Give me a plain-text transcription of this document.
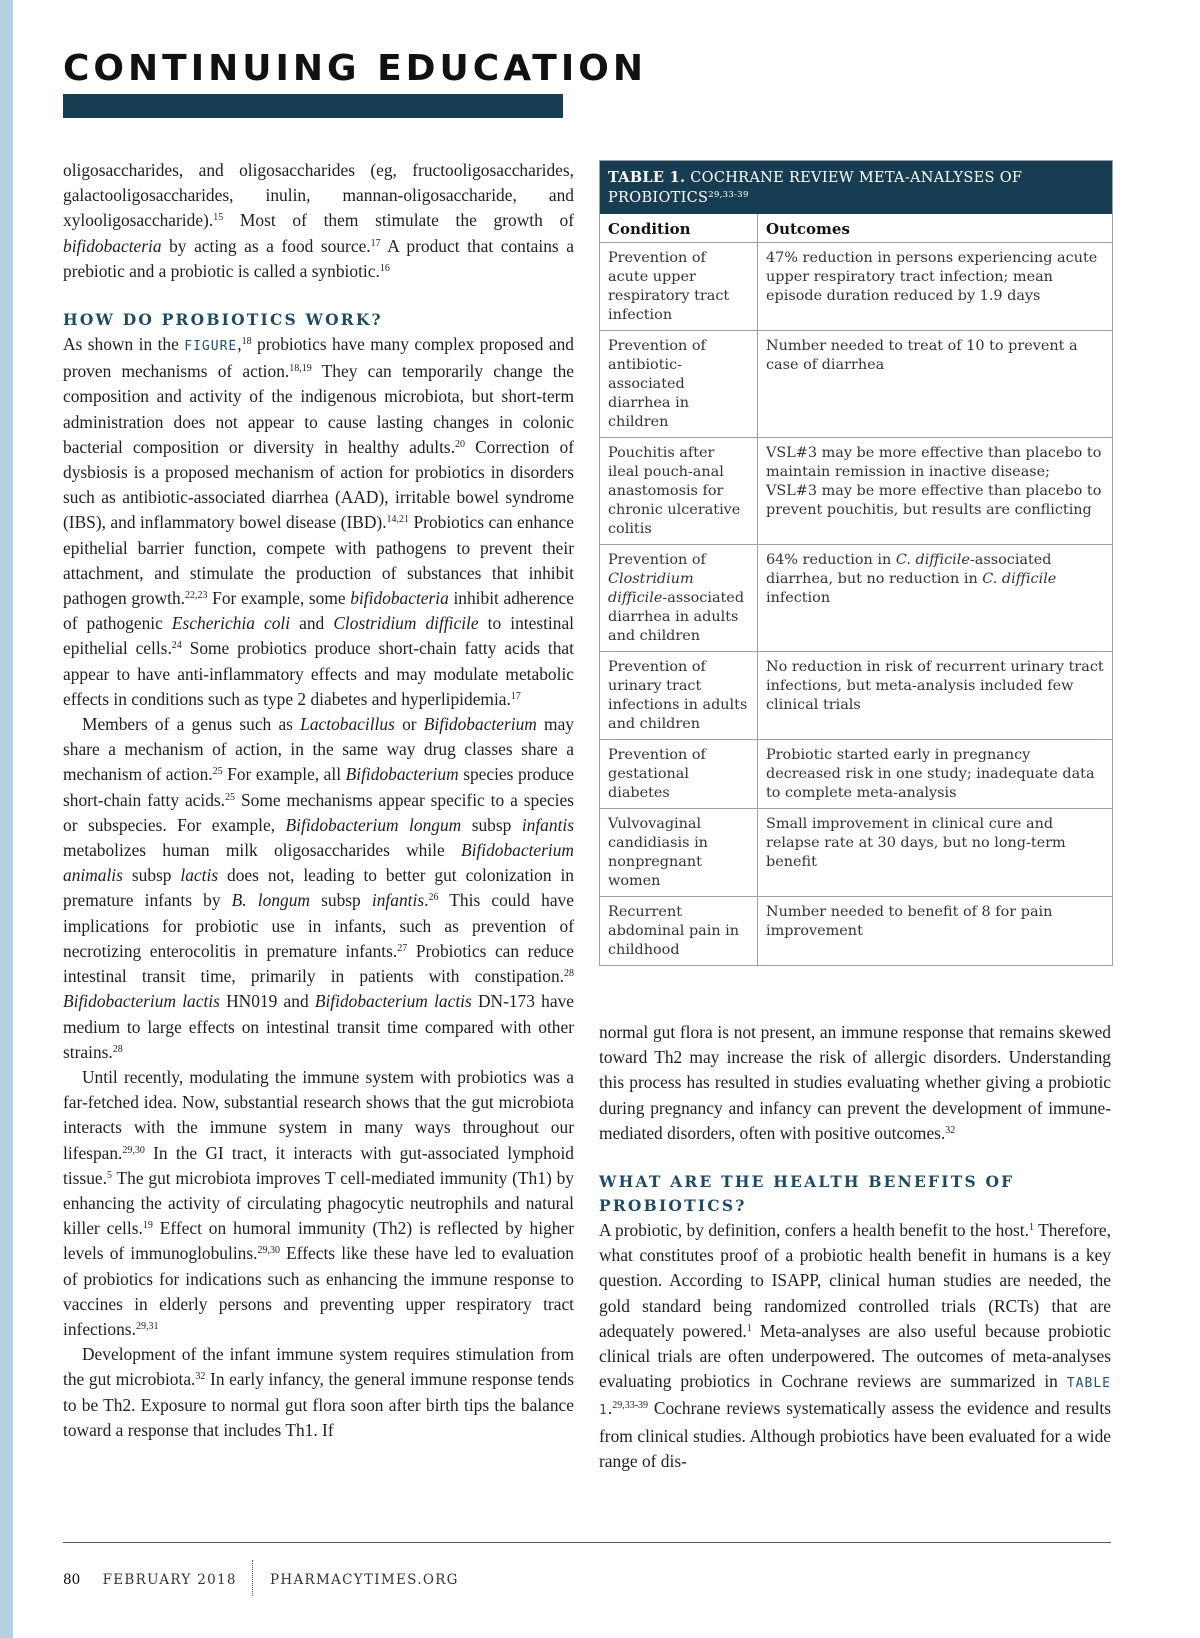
CONTINUING EDUCATION

oligosaccharides, and oligosaccharides (eg, fructooligosaccharides, galactooligosaccharides, inulin, mannan-oligosaccharide, and xylooligosaccharide).$^{15}$ Most of them stimulate the growth of bifidobacteria by acting as a food source.$^{17}$ A product that contains a prebiotic and a probiotic is called a synbiotic.$^{16}$

HOW DO PROBIOTICS WORK?

As shown in the FIGURE,$^{18}$ probiotics have many complex proposed and proven mechanisms of action.$^{18,19}$ They can temporarily change the composition and activity of the indigenous microbiota, but short-term administration does not appear to cause lasting changes in colonic bacterial composition or diversity in healthy adults.$^{20}$ Correction of dysbiosis is a proposed mechanism of action for probiotics in disorders such as antibiotic-associated diarrhea (AAD), irritable bowel syndrome (IBS), and inflammatory bowel disease (IBD).$^{14,21}$ Probiotics can enhance epithelial barrier function, compete with pathogens to prevent their attachment, and stimulate the production of substances that inhibit pathogen growth.$^{22,23}$ For example, some bifidobacteria inhibit adherence of pathogenic Escherichia coli and Clostridium difficile to intestinal epithelial cells.$^{24}$ Some probiotics produce short-chain fatty acids that appear to have anti-inflammatory effects and may modulate metabolic effects in conditions such as type 2 diabetes and hyperlipidemia.$^{17}$

Members of a genus such as Lactobacillus or Bifidobacterium may share a mechanism of action, in the same way drug classes share a mechanism of action.$^{25}$ For example, all Bifidobacterium species produce short-chain fatty acids.$^{25}$ Some mechanisms appear specific to a species or subspecies. For example, Bifidobacterium longum subsp infantis metabolizes human milk oligosaccharides while Bifidobacterium animalis subsp lactis does not, leading to better gut colonization in premature infants by B. longum subsp infantis.$^{26}$ This could have implications for probiotic use in infants, such as prevention of necrotizing enterocolitis in premature infants.$^{27}$ Probiotics can reduce intestinal transit time, primarily in patients with constipation.$^{28}$ Bifidobacterium lactis HN019 and Bifidobacterium lactis DN-173 have medium to large effects on intestinal transit time compared with other strains.$^{28}$

Until recently, modulating the immune system with probiotics was a far-fetched idea. Now, substantial research shows that the gut microbiota interacts with the immune system in many ways throughout our lifespan.$^{29,30}$ In the GI tract, it interacts with gut-associated lymphoid tissue.$^5$ The gut microbiota improves T cell-mediated immunity (Th1) by enhancing the activity of circulating phagocytic neutrophils and natural killer cells.$^{19}$ Effect on humoral immunity (Th2) is reflected by higher levels of immunoglobulins.$^{29,30}$ Effects like these have led to evaluation of probiotics for indications such as enhancing the immune response to vaccines in elderly persons and preventing upper respiratory tract infections.$^{29,31}$

Development of the infant immune system requires stimulation from the gut microbiota.$^{32}$ In early infancy, the general immune response tends to be Th2. Exposure to normal gut flora soon after birth tips the balance toward a response that includes Th1. If

TABLE 1. COCHRANE REVIEW META-ANALYSES OF PROBIOTICS$^{29,33-39}$
Condition	Outcomes
Prevention of acute upper respiratory tract infection	47% reduction in persons experiencing acute upper respiratory tract infection; mean episode duration reduced by 1.9 days
Prevention of antibiotic-associated diarrhea in children	Number needed to treat of 10 to prevent a case of diarrhea
Pouchitis after ileal pouch-anal anastomosis for chronic ulcerative colitis	VSL#3 may be more effective than placebo to maintain remission in inactive disease; VSL#3 may be more effective than placebo to prevent pouchitis, but results are conflicting
Prevention of Clostridium difficile-associated diarrhea in adults and children	64% reduction in C. difficile-associated diarrhea, but no reduction in C. difficile infection
Prevention of urinary tract infections in adults and children	No reduction in risk of recurrent urinary tract infections, but meta-analysis included few clinical trials
Prevention of gestational diabetes	Probiotic started early in pregnancy decreased risk in one study; inadequate data to complete meta-analysis
Vulvovaginal candidiasis in nonpregnant women	Small improvement in clinical cure and relapse rate at 30 days, but no long-term benefit
Recurrent abdominal pain in childhood	Number needed to benefit of 8 for pain improvement

normal gut flora is not present, an immune response that remains skewed toward Th2 may increase the risk of allergic disorders. Understanding this process has resulted in studies evaluating whether giving a probiotic during pregnancy and infancy can prevent the development of immune-mediated disorders, often with positive outcomes.$^{32}$

WHAT ARE THE HEALTH BENEFITS OF PROBIOTICS?

A probiotic, by definition, confers a health benefit to the host.$^1$ Therefore, what constitutes proof of a probiotic health benefit in humans is a key question. According to ISAPP, clinical human studies are needed, the gold standard being randomized controlled trials (RCTs) that are adequately powered.$^1$ Meta-analyses are also useful because probiotic clinical trials are often underpowered. The outcomes of meta-analyses evaluating probiotics in Cochrane reviews are summarized in TABLE 1.$^{29,33-39}$ Cochrane reviews systematically assess the evidence and results from clinical studies. Although probiotics have been evaluated for a wide range of dis-

80 FEBRUARY 2018 PHARMACYTIMES.ORG
